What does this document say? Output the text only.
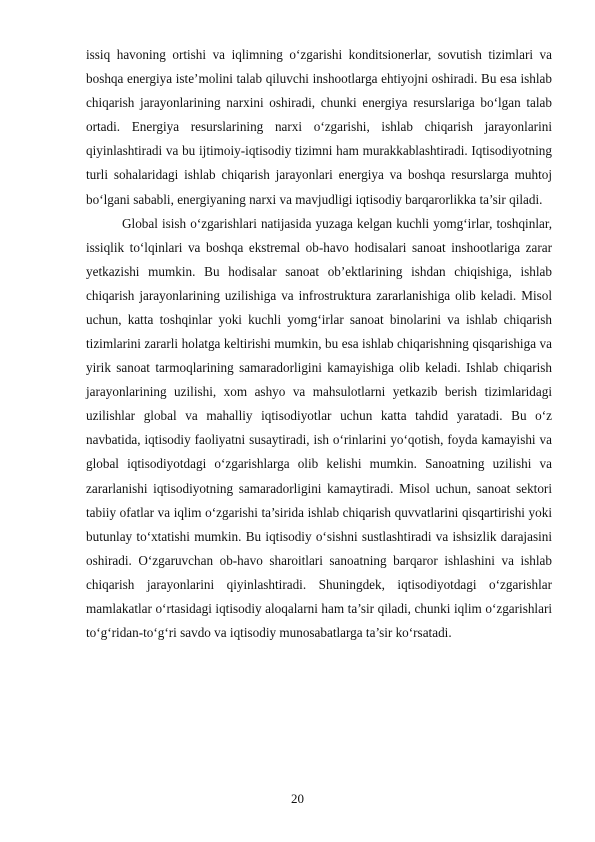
issiq havoning ortishi va iqlimning o‘zgarishi konditsionerlar, sovutish tizimlari va boshqa energiya iste’molini talab qiluvchi inshootlarga ehtiyojni oshiradi. Bu esa ishlab chiqarish jarayonlarining narxini oshiradi, chunki energiya resurslariga bo‘lgan talab ortadi. Energiya resurslarining narxi o‘zgarishi, ishlab chiqarish jarayonlarini qiyinlashtiradi va bu ijtimoiy-iqtisodiy tizimni ham murakkablashtiradi. Iqtisodiyotning turli sohalaridagi ishlab chiqarish jarayonlari energiya va boshqa resurslarga muhtoj bo‘lgani sababli, energiyaning narxi va mavjudligi iqtisodiy barqarorlikka ta’sir qiladi.

Global isish o‘zgarishlari natijasida yuzaga kelgan kuchli yomg‘irlar, toshqinlar, issiqlik to‘lqinlari va boshqa ekstremal ob-havo hodisalari sanoat inshootlariga zarar yetkazishi mumkin. Bu hodisalar sanoat ob’ektlarining ishdan chiqishiga, ishlab chiqarish jarayonlarining uzilishiga va infrostruktura zararlanishiga olib keladi. Misol uchun, katta toshqinlar yoki kuchli yomg‘irlar sanoat binolarini va ishlab chiqarish tizimlarini zararli holatga keltirishi mumkin, bu esa ishlab chiqarishning qisqarishiga va yirik sanoat tarmoqlarining samaradorligini kamayishiga olib keladi. Ishlab chiqarish jarayonlarining uzilishi, xom ashyo va mahsulotlarni yetkazib berish tizimlaridagi uzilishlar global va mahalliy iqtisodiyotlar uchun katta tahdid yaratadi. Bu o‘z navbatida, iqtisodiy faoliyatni susaytiradi, ish o‘rinlarini yo‘qotish, foyda kamayishi va global iqtisodiyotdagi o‘zgarishlarga olib kelishi mumkin. Sanoatning uzilishi va zararlanishi iqtisodiyotning samaradorligini kamaytiradi. Misol uchun, sanoat sektori tabiiy ofatlar va iqlim o‘zgarishi ta’sirida ishlab chiqarish quvvatlarini qisqartirishi yoki butunlay to‘xtatishi mumkin. Bu iqtisodiy o‘sishni sustlashtiradi va ishsizlik darajasini oshiradi. O‘zgaruvchan ob-havo sharoitlari sanoatning barqaror ishlashini va ishlab chiqarish jarayonlarini qiyinlashtiradi. Shuningdek, iqtisodiyotdagi o‘zgarishlar mamlakatlar o‘rtasidagi iqtisodiy aloqalarni ham ta’sir qiladi, chunki iqlim o‘zgarishlari to‘g‘ridan-to‘g‘ri savdo va iqtisodiy munosabatlarga ta’sir ko‘rsatadi.

20
